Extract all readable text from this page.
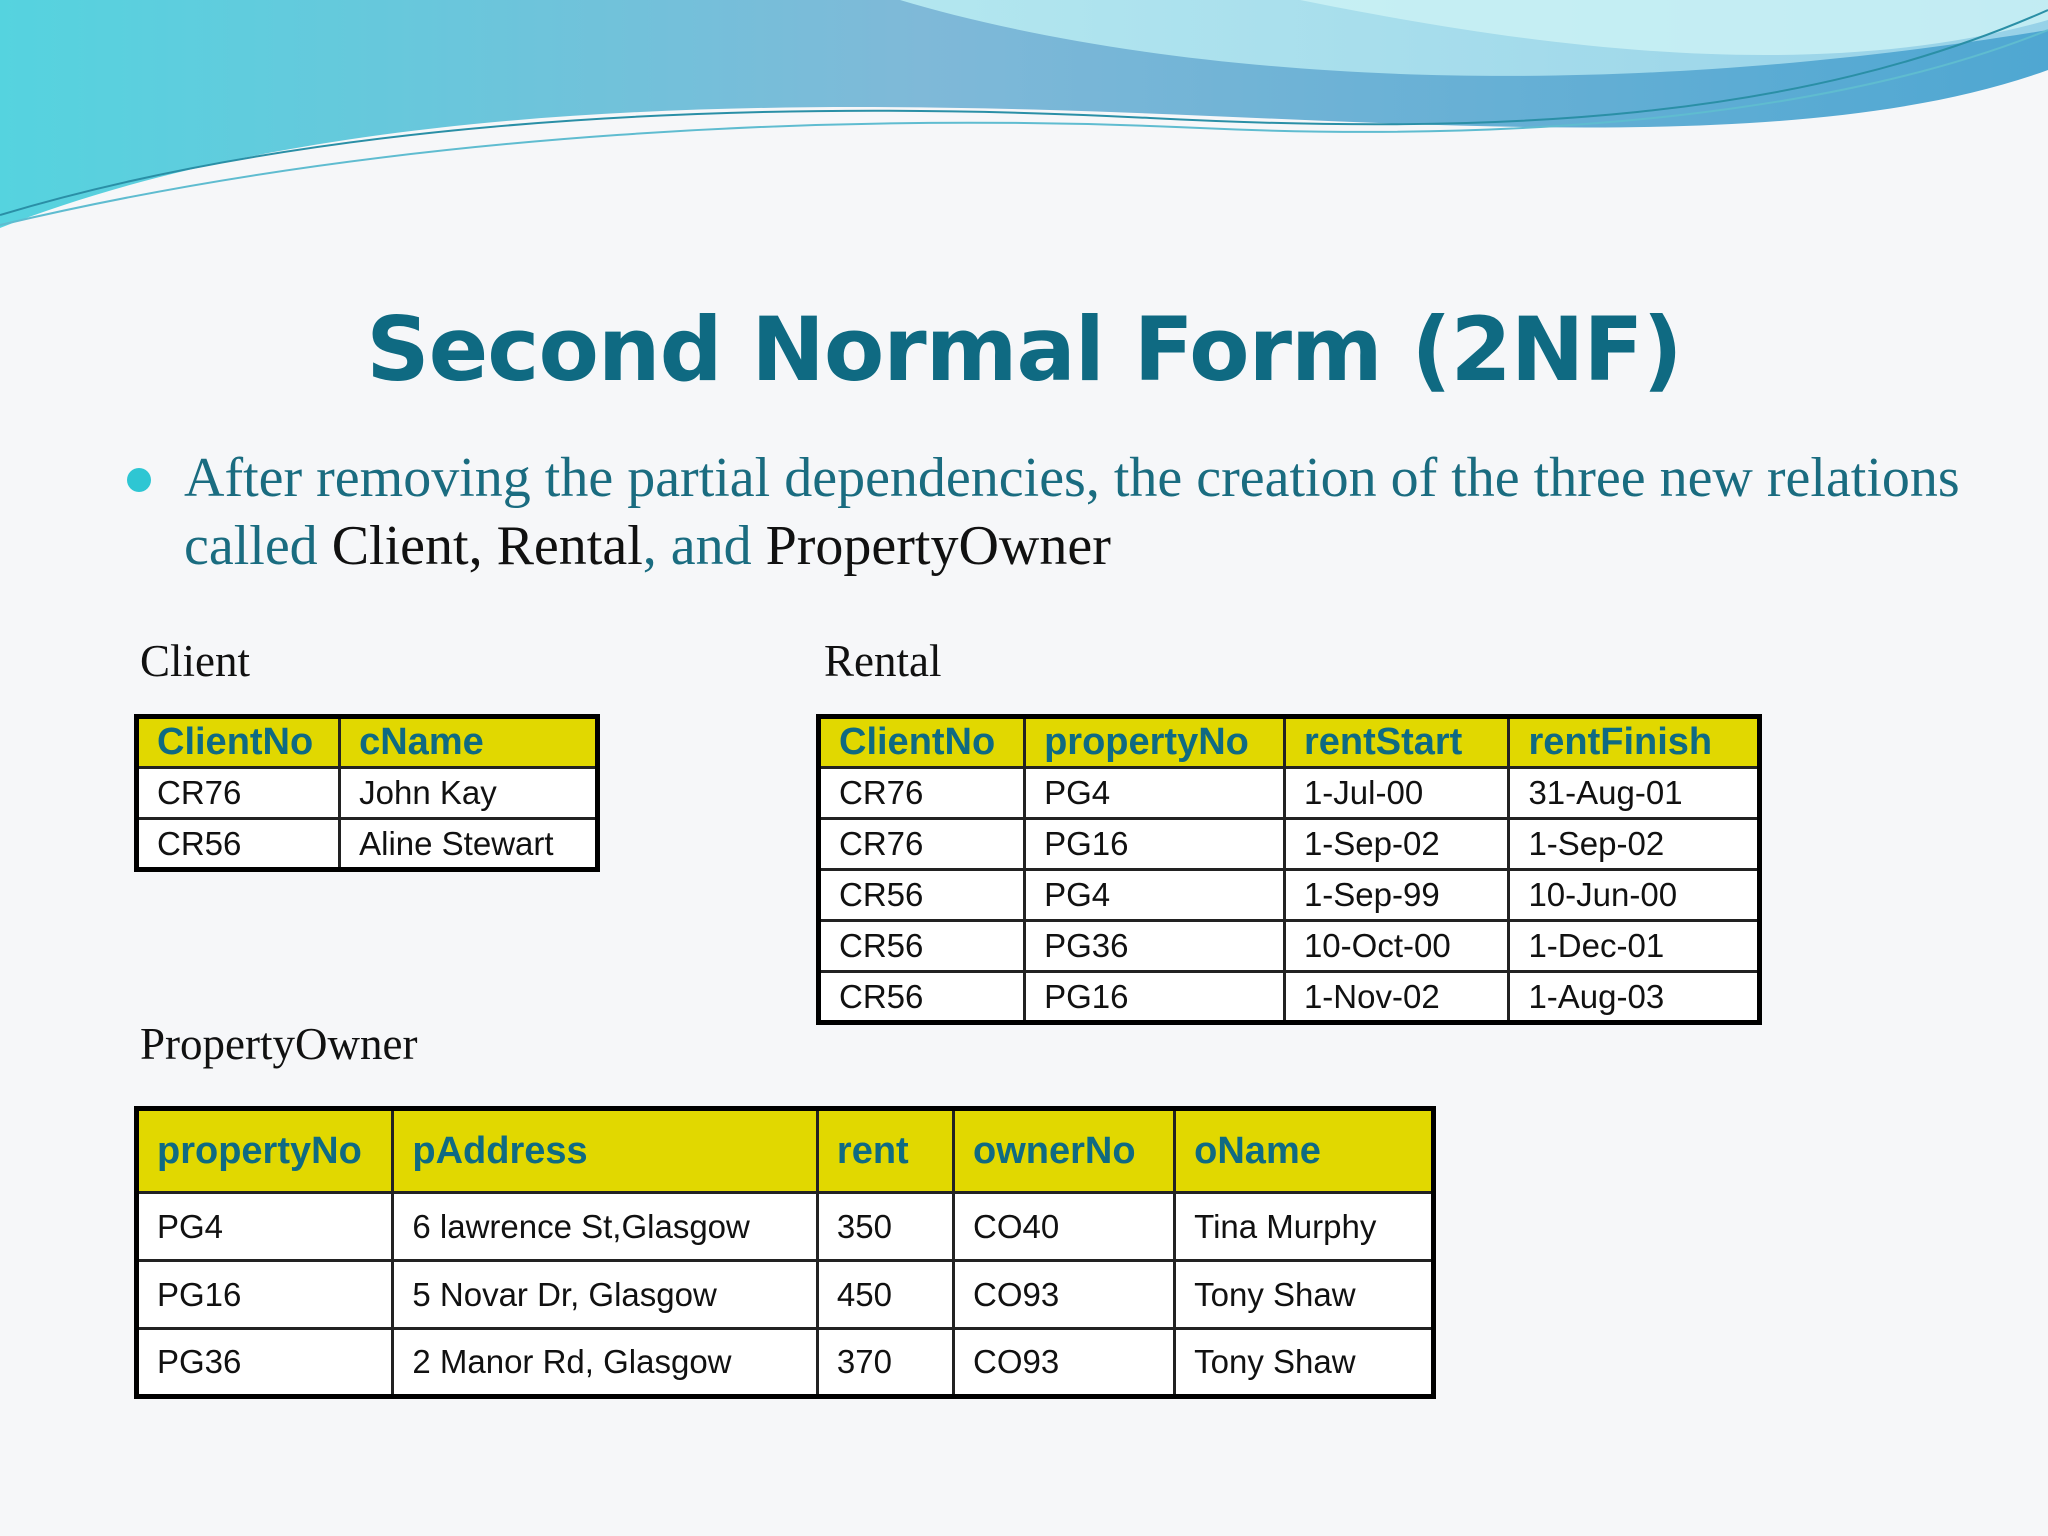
Second Normal Form (2NF)

After removing the partial dependencies, the creation of the three new relations called Client, Rental, and PropertyOwner

Client	Rental

PropertyOwner

ClientNo	cName
CR76	John Kay
CR56	Aline Stewart
ClientNo	propertyNo	rentStart	rentFinish
CR76	PG4	1-Jul-00	31-Aug-01
CR76	PG16	1-Sep-02	1-Sep-02
CR56	PG4	1-Sep-99	10-Jun-00
CR56	PG36	10-Oct-00	1-Dec-01
CR56	PG16	1-Nov-02	1-Aug-03
propertyNo	pAddress	rent	ownerNo	oName
PG4	6 lawrence St,Glasgow	350	CO40	Tina Murphy
PG16	5 Novar Dr, Glasgow	450	CO93	Tony Shaw
PG36	2 Manor Rd, Glasgow	370	CO93	Tony Shaw
